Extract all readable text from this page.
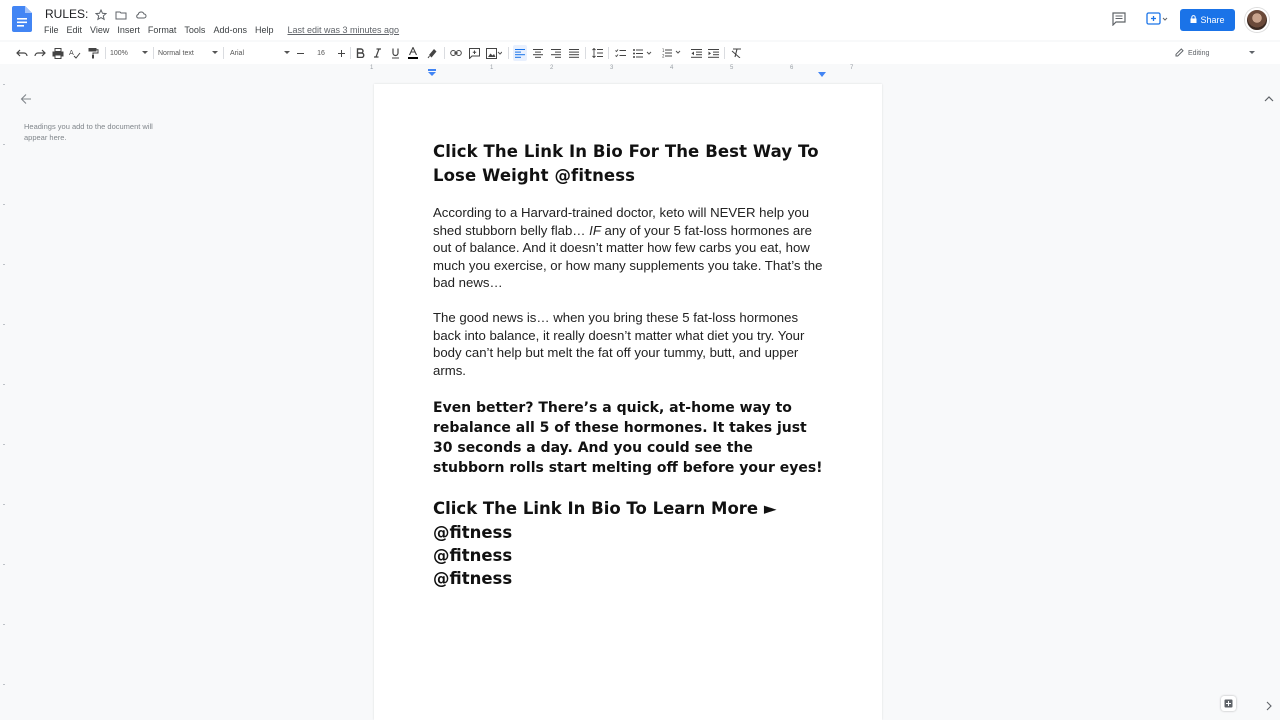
RULES:
File Edit View Insert Format Tools Add-ons Help Last edit was 3 minutes ago
Share
A	100%	Normal text	Arial	16	1
2	Editing
1	1	2	3	4	5	6	7
Headings you add to the document will appear here.
Click The Link In Bio For The Best Way To Lose Weight @fitness
According to a Harvard-trained doctor, keto will NEVER help you shed stubborn belly flab… IF any of your 5 fat-loss hormones are out of balance. And it doesn’t matter how few carbs you eat, how much you exercise, or how many supplements you take. That’s the bad news…
The good news is… when you bring these 5 fat-loss hormones back into balance, it really doesn’t matter what diet you try. Your body can’t help but melt the fat off your tummy, butt, and upper arms.
Even better? There’s a quick, at-home way to rebalance all 5 of these hormones. It takes just 30 seconds a day. And you could see the stubborn rolls start melting off before your eyes!
Click The Link In Bio To Learn More ►
@fitness
@fitness
@fitness
